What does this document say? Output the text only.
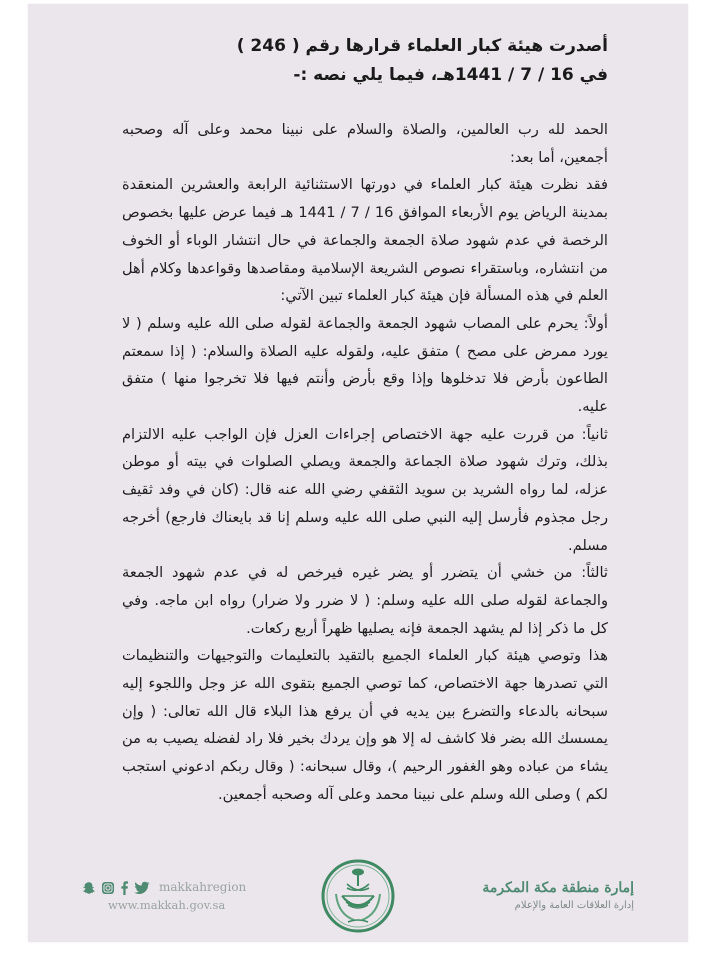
أصدرت هيئة كبار العلماء قرارها رقم ( 246 )
في 16 / 7 / 1441هـ، فيما يلي نصه :-

الحمد لله رب العالمين، والصلاة والسلام على نبينا محمد وعلى آله وصحبه أجمعين، أما بعد:

فقد نظرت هيئة كبار العلماء في دورتها الاستثنائية الرابعة والعشرين المنعقدة بمدينة الرياض يوم الأربعاء الموافق 16 / 7 / 1441 هـ فيما عرض عليها بخصوص الرخصة في عدم شهود صلاة الجمعة والجماعة في حال انتشار الوباء أو الخوف من انتشاره، وباستقراء نصوص الشريعة الإسلامية ومقاصدها وقواعدها وكلام أهل العلم في هذه المسألة فإن هيئة كبار العلماء تبين الآتي:

أولاً: يحرم على المصاب شهود الجمعة والجماعة لقوله صلى الله عليه وسلم ( لا يورد ممرض على مصح ) متفق عليه، ولقوله عليه الصلاة والسلام: ( إذا سمعتم الطاعون بأرض فلا تدخلوها وإذا وقع بأرض وأنتم فيها فلا تخرجوا منها ) متفق عليه.

ثانياً: من قررت عليه جهة الاختصاص إجراءات العزل فإن الواجب عليه الالتزام بذلك، وترك شهود صلاة الجماعة والجمعة ويصلي الصلوات في بيته أو موطن عزله، لما رواه الشريد بن سويد الثقفي رضي الله عنه قال: (كان في وفد ثقيف رجل مجذوم فأرسل إليه النبي صلى الله عليه وسلم إنا قد بايعناك فارجع) أخرجه مسلم.

ثالثاً: من خشي أن يتضرر أو يضر غيره فيرخص له في عدم شهود الجمعة والجماعة لقوله صلى الله عليه وسلم: ( لا ضرر ولا ضرار) رواه ابن ماجه. وفي كل ما ذكر إذا لم يشهد الجمعة فإنه يصليها ظهراً أربع ركعات.

هذا وتوصي هيئة كبار العلماء الجميع بالتقيد بالتعليمات والتوجيهات والتنظيمات التي تصدرها جهة الاختصاص، كما توصي الجميع بتقوى الله عز وجل واللجوء إليه سبحانه بالدعاء والتضرع بين يديه في أن يرفع هذا البلاء قال الله تعالى: ( وإن يمسسك الله بضر فلا كاشف له إلا هو وإن يردك بخير فلا راد لفضله يصيب به من يشاء من عباده وهو الغفور الرحيم )، وقال سبحانه: ( وقال ربكم ادعوني استجب لكم ) وصلى الله وسلم على نبينا محمد وعلى آله وصحبه أجمعين.

makkahregion
www.makkah.gov.sa
إمارة منطقة مكة المكرمة
إدارة العلاقات العامة والإعلام
